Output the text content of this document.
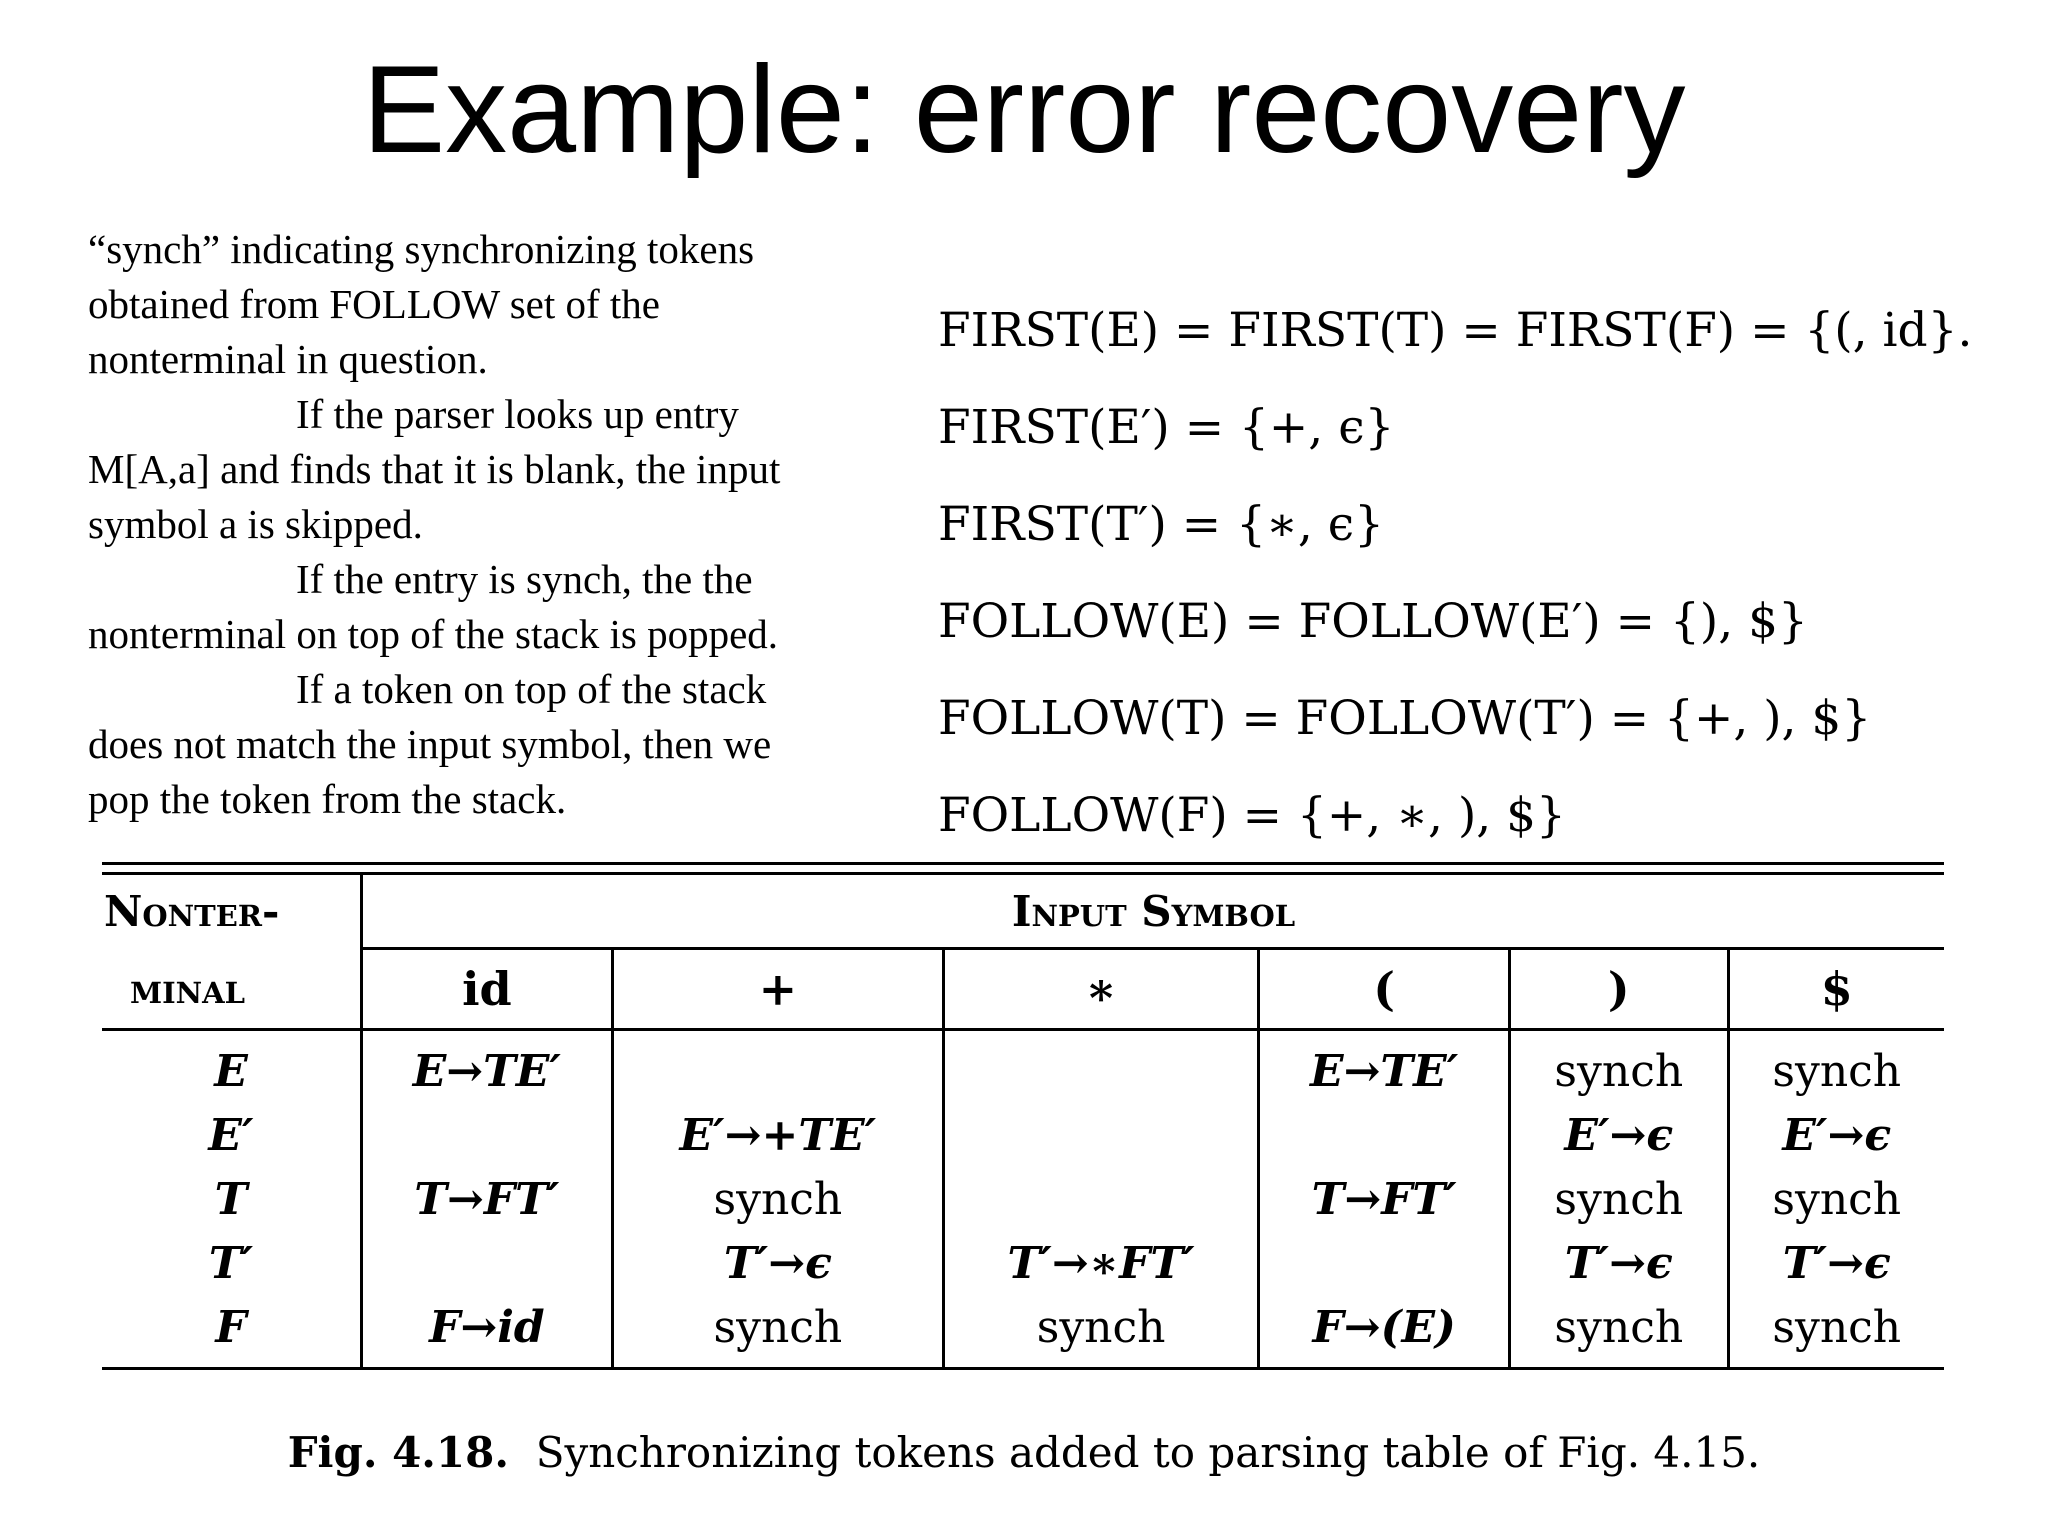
Example: error recovery
“synch” indicating synchronizing tokens
obtained from FOLLOW set of the
nonterminal in question.
If the parser looks up entry
M[A,a] and finds that it is blank, the input
symbol a is skipped.
If the entry is synch, the the
nonterminal on top of the stack is popped.
If a token on top of the stack
does not match the input symbol, then we
pop the token from the stack.
FIRST(E) = FIRST(T) = FIRST(F) = {(, id}.
FIRST(E′) = {+, ϵ}
FIRST(T′) = {∗, ϵ}
FOLLOW(E) = FOLLOW(E′) = {), $}
FOLLOW(T) = FOLLOW(T′) = {+, ), $}
FOLLOW(F) = {+, ∗, ), $}
Nonter-	Input Symbol					
minal	id	+	∗	(	)	$
E	E→TE′			E→TE′	synch	synch
E′		E′→+TE′			E′→ϵ	E′→ϵ
T	T→FT′	synch		T→FT′	synch	synch
T′		T′→ϵ	T′→∗FT′		T′→ϵ	T′→ϵ
F	F→id	synch	synch	F→(E)	synch	synch
Fig. 4.18. Synchronizing tokens added to parsing table of Fig. 4.15.
